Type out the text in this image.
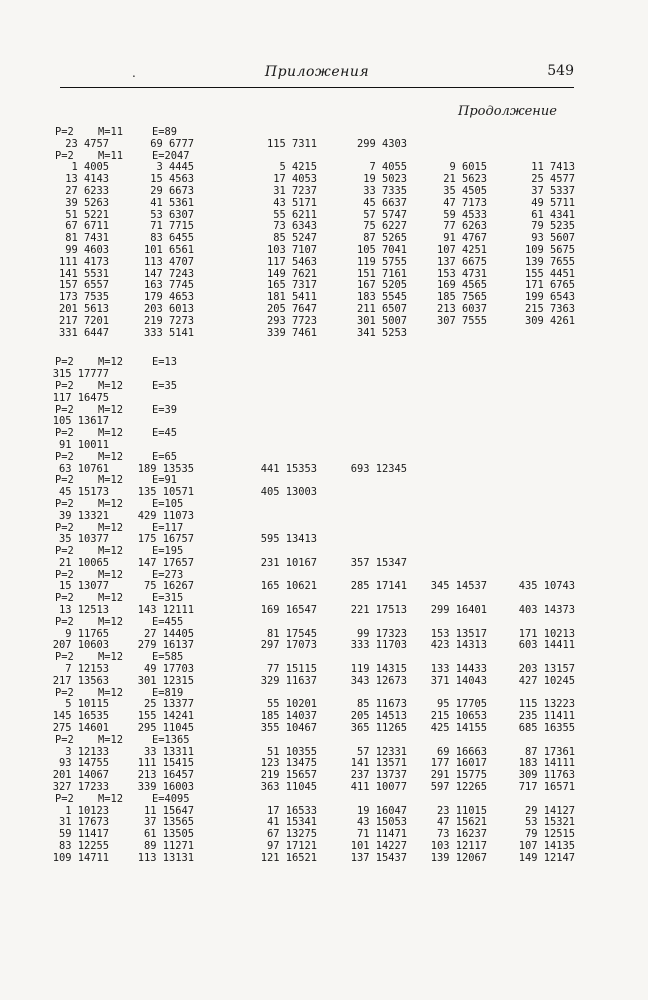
.	Приложения	549
Продолжение
P=2 M=11	E=89
23 4757	69 6777	115 7311	299 4303
P=2 M=11	E=2047
1 4005	3 4445	5 4215	7 4055	9 6015	11 7413
13 4143	15 4563	17 4053	19 5023	21 5623	25 4577
27 6233	29 6673	31 7237	33 7335	35 4505	37 5337
39 5263	41 5361	43 5171	45 6637	47 7173	49 5711
51 5221	53 6307	55 6211	57 5747	59 4533	61 4341
67 6711	71 7715	73 6343	75 6227	77 6263	79 5235
81 7431	83 6455	85 5247	87 5265	91 4767	93 5607
99 4603	101 6561	103 7107	105 7041	107 4251	109 5675
111 4173	113 4707	117 5463	119 5755	137 6675	139 7655
141 5531	147 7243	149 7621	151 7161	153 4731	155 4451
157 6557	163 7745	165 7317	167 5205	169 4565	171 6765
173 7535	179 4653	181 5411	183 5545	185 7565	199 6543
201 5613	203 6013	205 7647	211 6507	213 6037	215 7363
217 7201	219 7273	293 7723	301 5007	307 7555	309 4261
331 6447	333 5141	339 7461	341 5253
P=2 M=12	E=13
315 17777
P=2 M=12	E=35
117 16475
P=2 M=12	E=39
105 13617
P=2 M=12	E=45
91 10011
P=2 M=12	E=65
63 10761	189 13535	441 15353	693 12345
P=2 M=12	E=91
45 15173	135 10571	405 13003
P=2 M=12	E=105
39 13321	429 11073
P=2 M=12	E=117
35 10377	175 16757	595 13413
P=2 M=12	E=195
21 10065	147 17657	231 10167	357 15347
P=2 M=12	E=273
15 13077	75 16267	165 10621	285 17141	345 14537	435 10743
P=2 M=12	E=315
13 12513	143 12111	169 16547	221 17513	299 16401	403 14373
P=2 M=12	E=455
9 11765	27 14405	81 17545	99 17323	153 13517	171 10213
207 10603	279 16137	297 17073	333 11703	423 14313	603 14411
P=2 M=12	E=585
7 12153	49 17703	77 15115	119 14315	133 14433	203 13157
217 13563	301 12315	329 11637	343 12673	371 14043	427 10245
P=2 M=12	E=819
5 10115	25 13377	55 10201	85 11673	95 17705	115 13223
145 16535	155 14241	185 14037	205 14513	215 10653	235 11411
275 14601	295 11045	355 10467	365 11265	425 14155	685 16355
P=2 M=12	E=1365
3 12133	33 13311	51 10355	57 12331	69 16663	87 17361
93 14755	111 15415	123 13475	141 13571	177 16017	183 14111
201 14067	213 16457	219 15657	237 13737	291 15775	309 11763
327 17233	339 16003	363 11045	411 10077	597 12265	717 16571
P=2 M=12	E=4095
1 10123	11 15647	17 16533	19 16047	23 11015	29 14127
31 17673	37 13565	41 15341	43 15053	47 15621	53 15321
59 11417	61 13505	67 13275	71 11471	73 16237	79 12515
83 12255	89 11271	97 17121	101 14227	103 12117	107 14135
109 14711	113 13131	121 16521	137 15437	139 12067	149 12147
